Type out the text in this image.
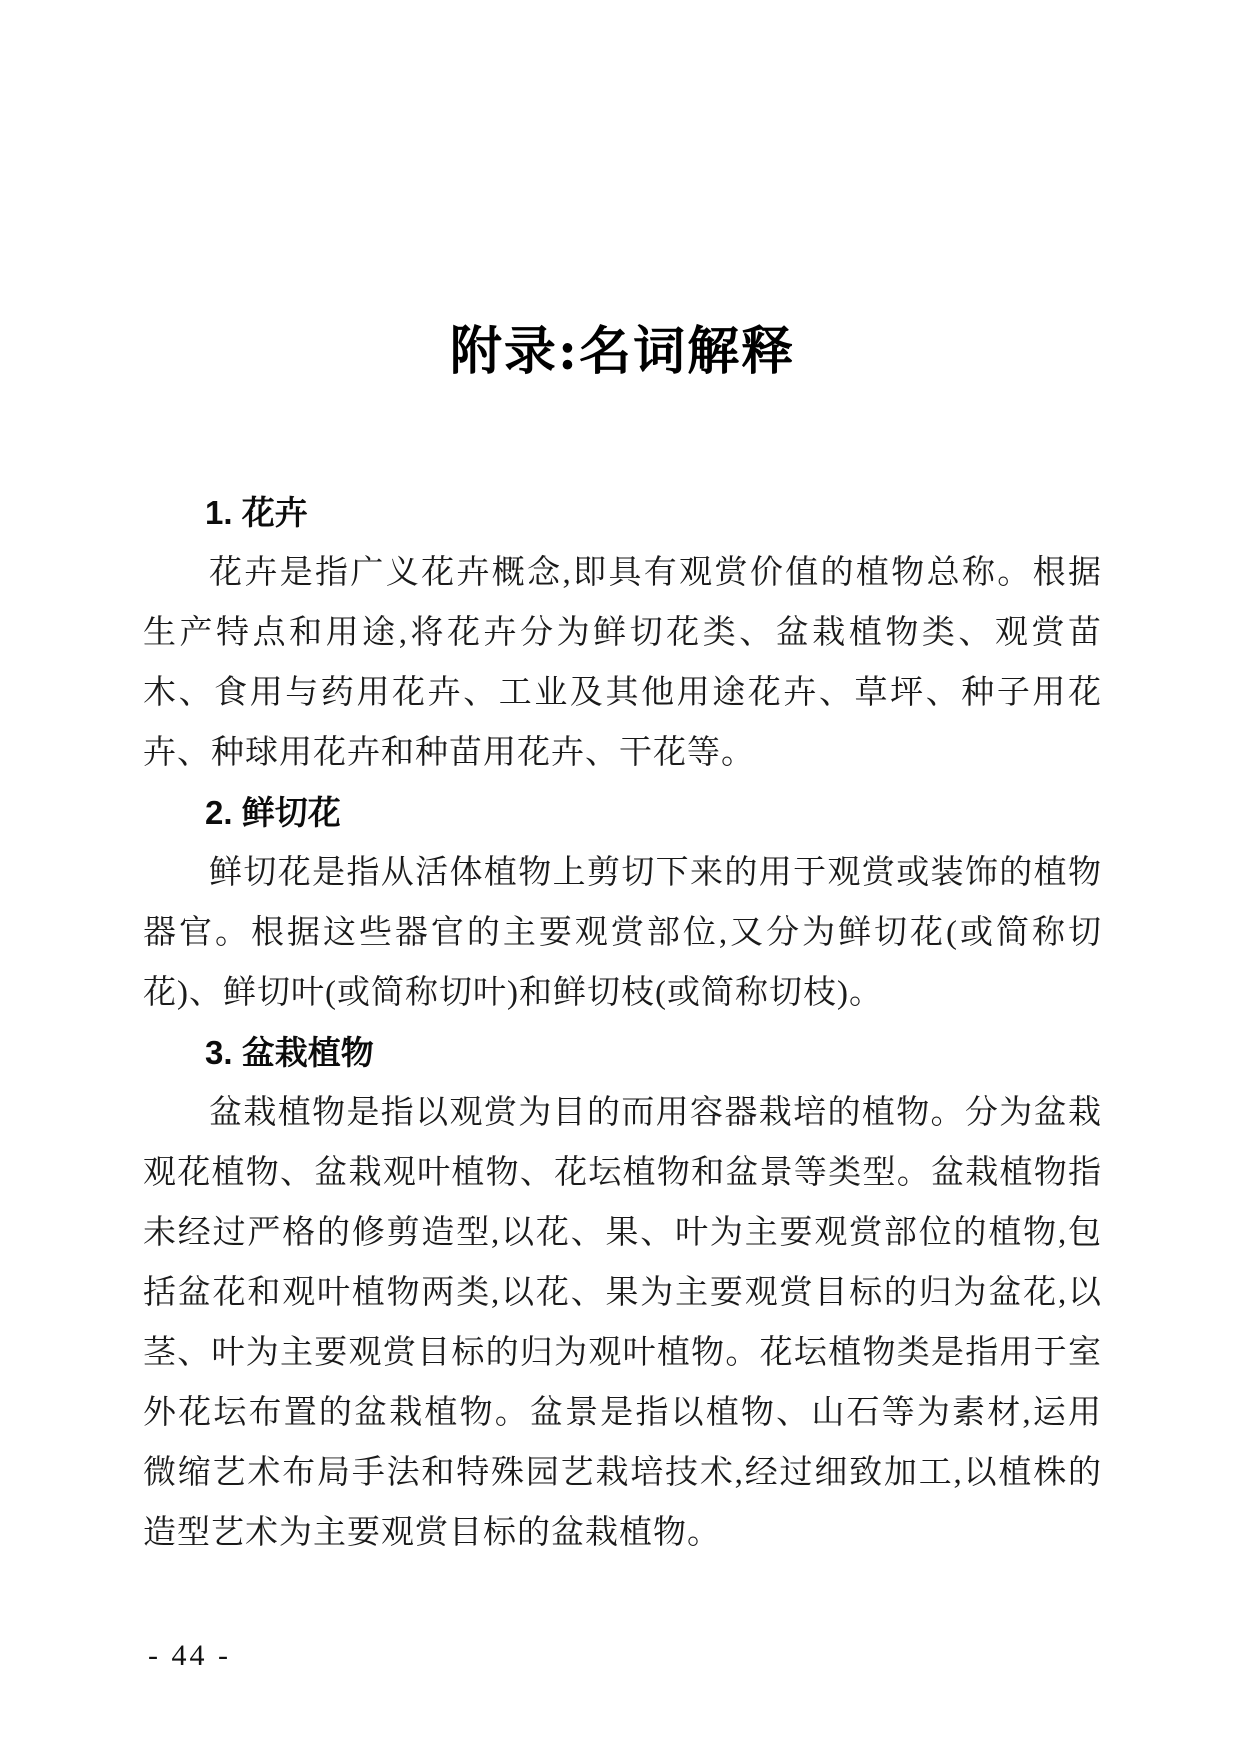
附录:名词解释
1. 花卉

花卉是指广义花卉概念,即具有观赏价值的植物总称。根据生产特点和用途,将花卉分为鲜切花类、盆栽植物类、观赏苗木、食用与药用花卉、工业及其他用途花卉、草坪、种子用花卉、种球用花卉和种苗用花卉、干花等。

2. 鲜切花

鲜切花是指从活体植物上剪切下来的用于观赏或装饰的植物器官。根据这些器官的主要观赏部位,又分为鲜切花(或简称切花)、鲜切叶(或简称切叶)和鲜切枝(或简称切枝)。

3. 盆栽植物

盆栽植物是指以观赏为目的而用容器栽培的植物。分为盆栽观花植物、盆栽观叶植物、花坛植物和盆景等类型。盆栽植物指未经过严格的修剪造型,以花、果、叶为主要观赏部位的植物,包括盆花和观叶植物两类,以花、果为主要观赏目标的归为盆花,以茎、叶为主要观赏目标的归为观叶植物。花坛植物类是指用于室外花坛布置的盆栽植物。盆景是指以植物、山石等为素材,运用微缩艺术布局手法和特殊园艺栽培技术,经过细致加工,以植株的造型艺术为主要观赏目标的盆栽植物。

- 44 -
